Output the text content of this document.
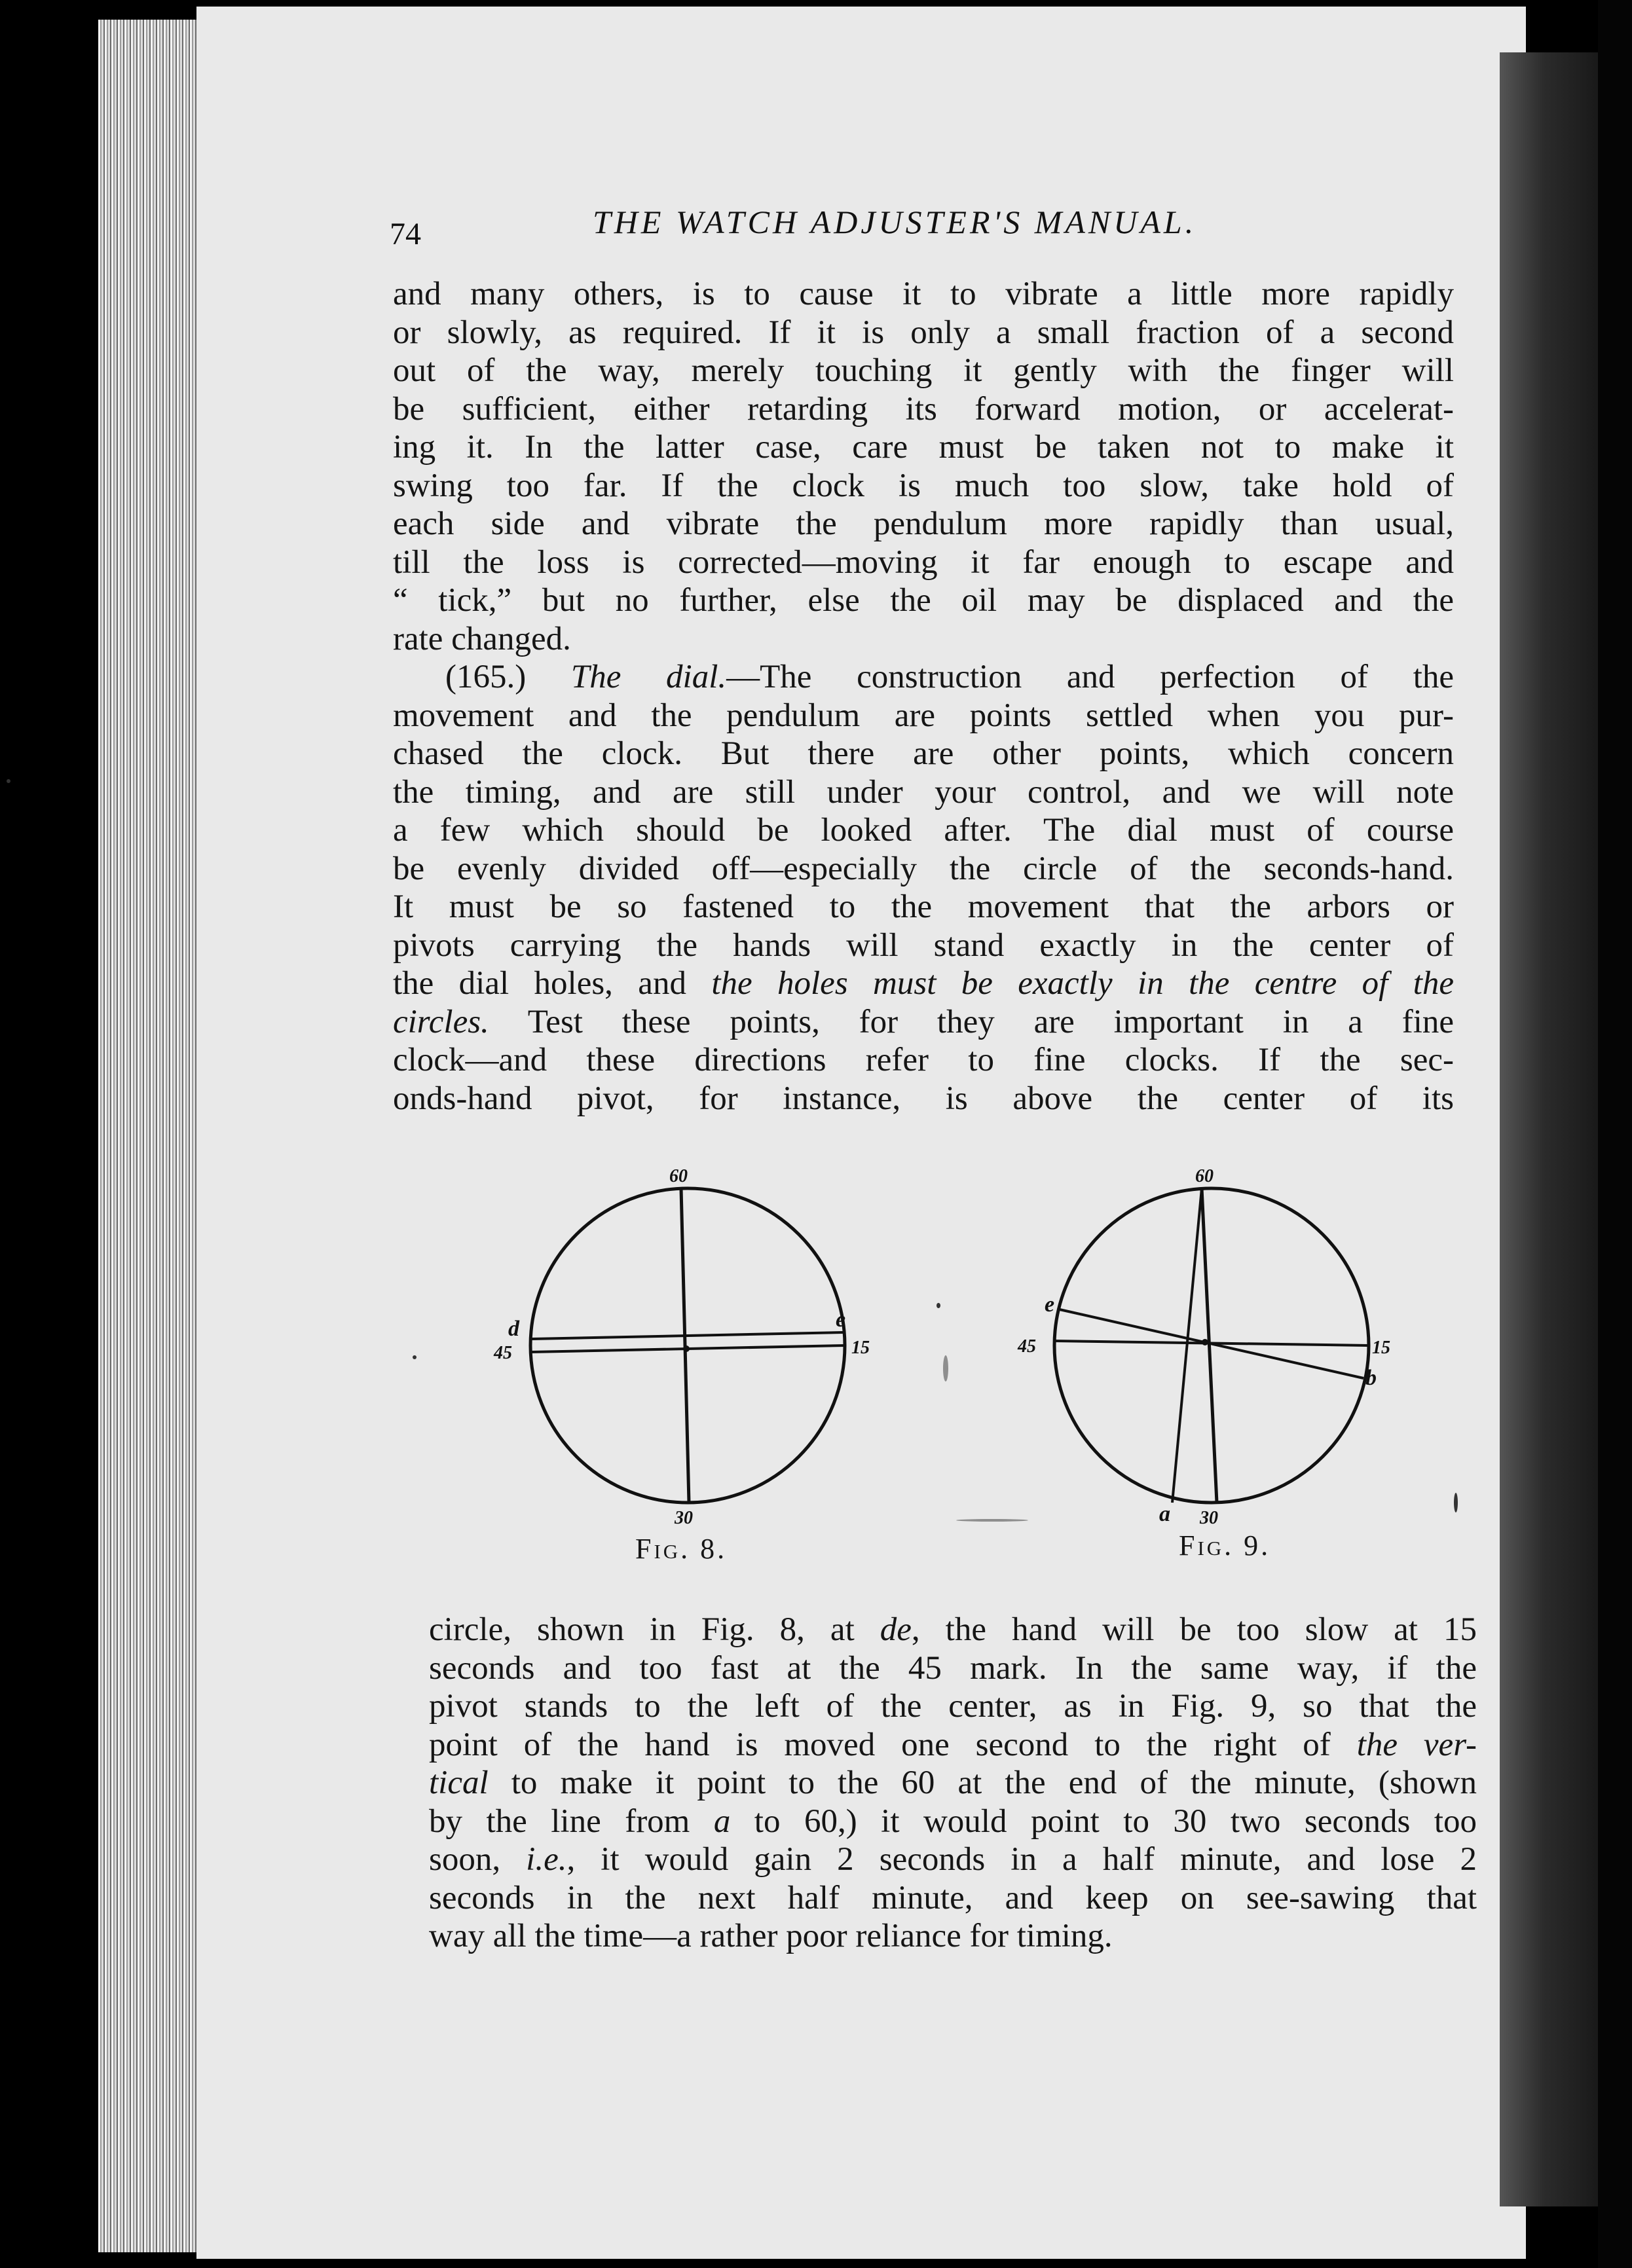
74	THE WATCH ADJUSTER'S MANUAL.
and many others, is to cause it to vibrate a little more rapidly
or slowly, as required. If it is only a small fraction of a second
out of the way, merely touching it gently with the finger will
be sufficient, either retarding its forward motion, or accelerat-
ing it. In the latter case, care must be taken not to make it
swing too far. If the clock is much too slow, take hold of
each side and vibrate the pendulum more rapidly than usual,
till the loss is corrected—moving it far enough to escape and
“ tick,” but no further, else the oil may be displaced and the
rate changed.
(165.) The dial.—The construction and perfection of the
movement and the pendulum are points settled when you pur-
chased the clock. But there are other points, which concern
the timing, and are still under your control, and we will note
a few which should be looked after. The dial must of course
be evenly divided off—especially the circle of the seconds-hand.
It must be so fastened to the movement that the arbors or
pivots carrying the hands will stand exactly in the center of
the dial holes, and the holes must be exactly in the centre of the
circles. Test these points, for they are important in a fine
clock—and these directions refer to fine clocks. If the sec-
onds-hand pivot, for instance, is above the center of its
60
15
30
45
d	e
60
15
30
45
a
b
e
Fig. 8.	Fig. 9.
circle, shown in Fig. 8, at de, the hand will be too slow at 15
seconds and too fast at the 45 mark. In the same way, if the
pivot stands to the left of the center, as in Fig. 9, so that the
point of the hand is moved one second to the right of the ver-
tical to make it point to the 60 at the end of the minute, (shown
by the line from a to 60,) it would point to 30 two seconds too
soon, i.e., it would gain 2 seconds in a half minute, and lose 2
seconds in the next half minute, and keep on see-sawing that
way all the time—a rather poor reliance for timing.
